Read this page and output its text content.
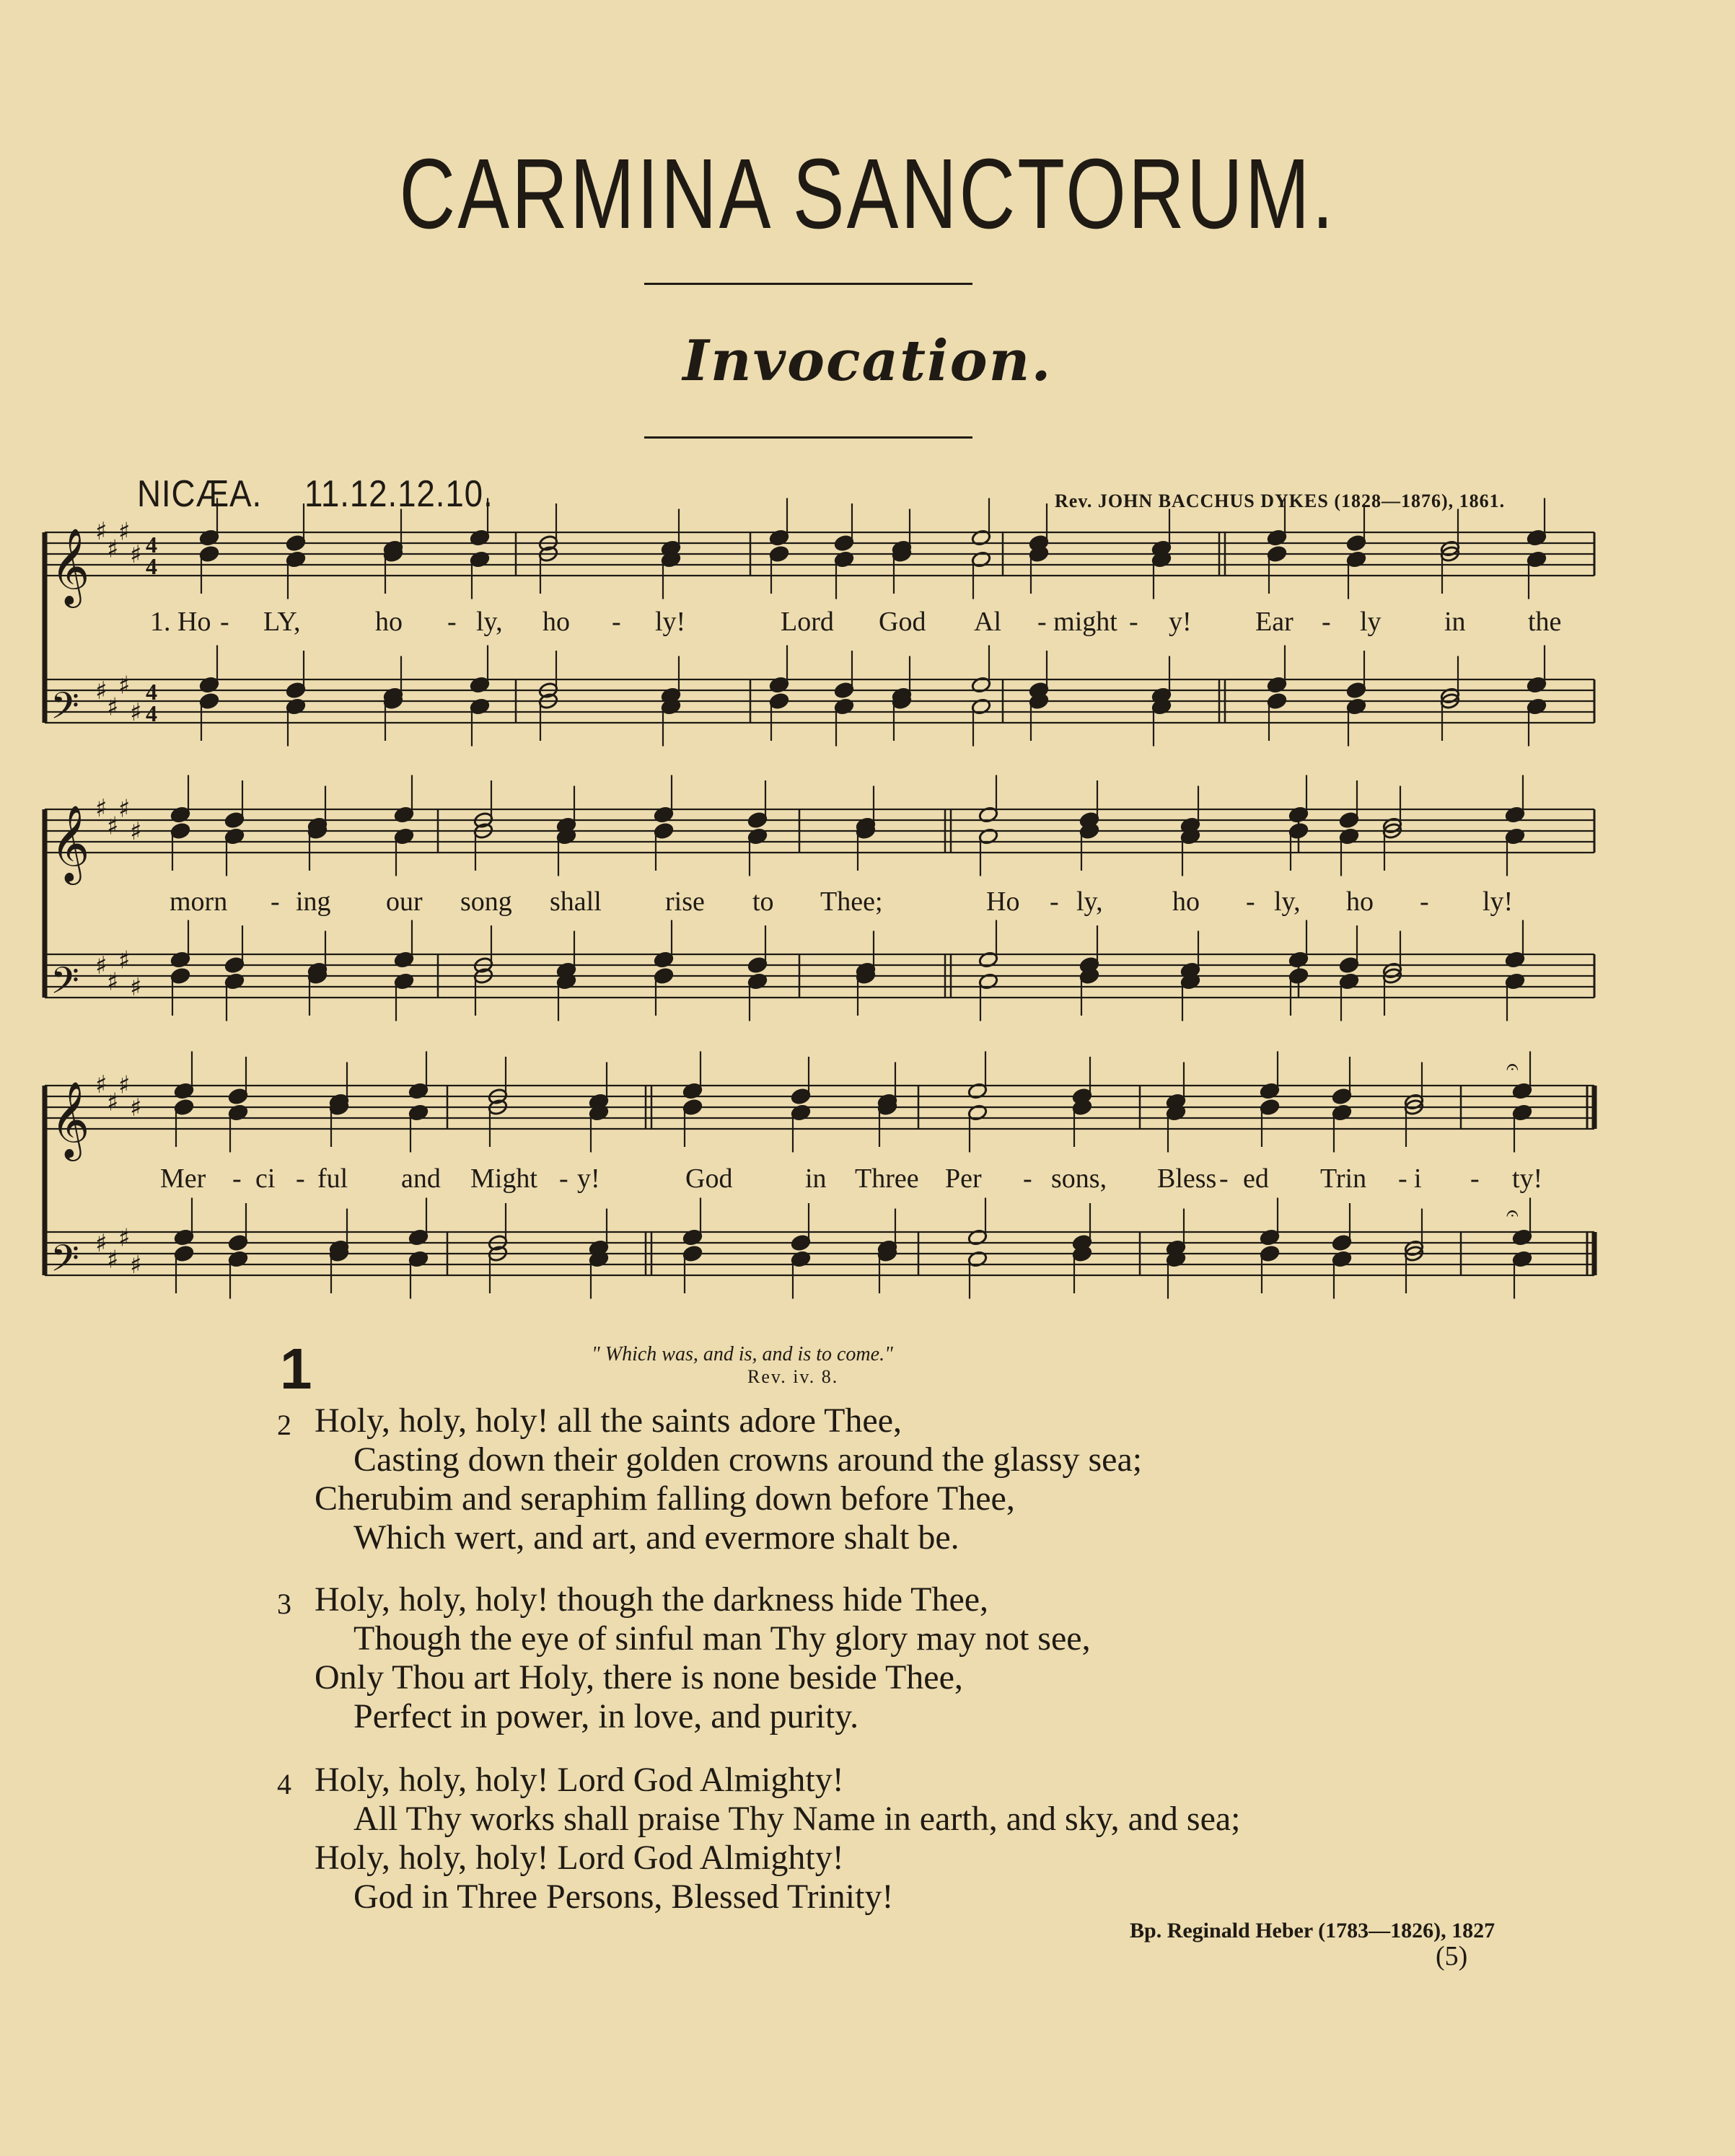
CARMINA SANCTORUM.
Invocation.
NICÆA. 11.12.12.10.	Rev. JOHN BACCHUS DYKES (1828—1876), 1861.
𝄞 ♯
♯
♯
♯ 4
4
𝄢 ♯
♯
♯
♯
4
4
𝄞 ♯
♯
♯
♯
𝄢 ♯
♯
♯
♯
𝄞 ♯
♯
♯
♯
𝄢 ♯
♯
♯
♯
𝄐
𝄐
1. Ho - LY,	ho - ly, ho - ly!	Lord God Al - might - y! Ear - ly in the
morn - ing our song shall rise to Thee;	Ho - ly,	ho - ly, ho - ly!
Mer - ci - ful and Might - y!	God	in Three Per - sons, Bless - ed Trin - i - ty!
1	" Which was, and is, and is to come."
Rev. iv. 8.
2 Holy, holy, holy! all the saints adore Thee,
Casting down their golden crowns around the glassy sea;
Cherubim and seraphim falling down before Thee,
Which wert, and art, and evermore shalt be.
3 Holy, holy, holy! though the darkness hide Thee,
Though the eye of sinful man Thy glory may not see,
Only Thou art Holy, there is none beside Thee,
Perfect in power, in love, and purity.
4 Holy, holy, holy! Lord God Almighty!
All Thy works shall praise Thy Name in earth, and sky, and sea;
Holy, holy, holy! Lord God Almighty!
God in Three Persons, Blessed Trinity!
Bp. Reginald Heber (1783—1826), 1827
(5)
